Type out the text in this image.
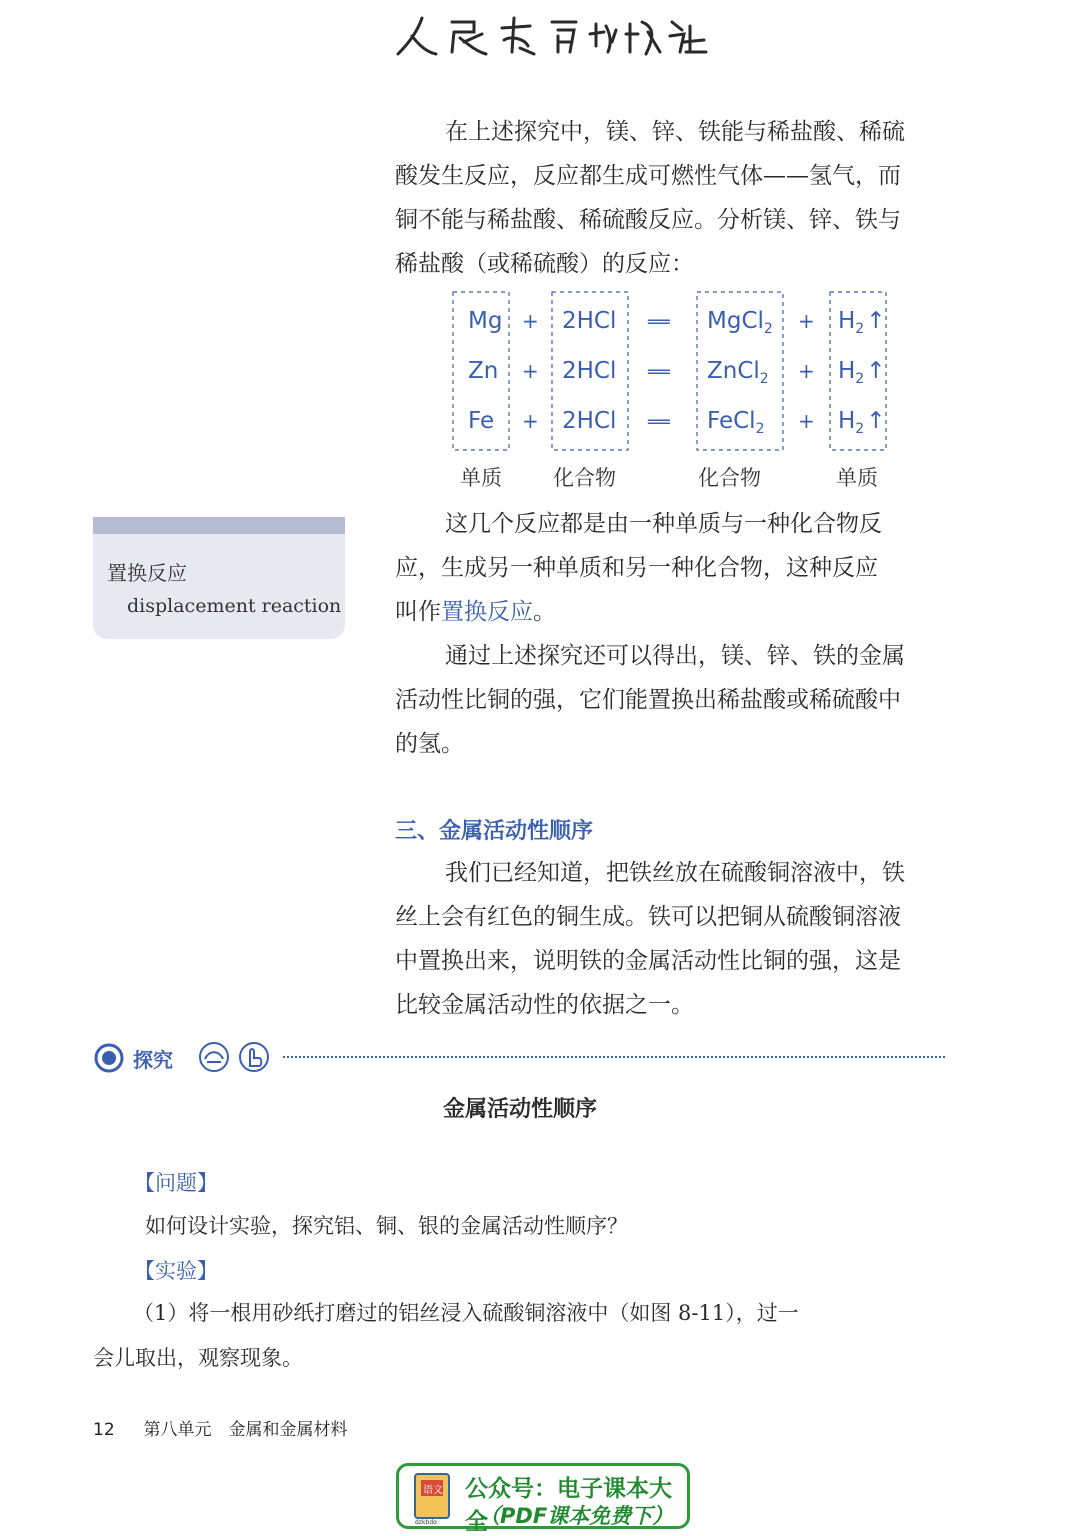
在上述探究中，镁、锌、铁能与稀盐酸、稀硫
酸发生反应，反应都生成可燃性气体——氢气，而
铜不能与稀盐酸、稀硫酸反应。分析镁、锌、铁与
稀盐酸（或稀硫酸）的反应：
Mg + 2HCl ══ MgCl$_2$ + $H_2↑$
Zn + 2HCl ══ ZnCl$_2$ + $H_2↑$
Fe + 2HCl ══ FeCl$_2$ + $H_2↑$
单质 化合物	化合物	单质
置换反应
displacement reaction
这几个反应都是由一种单质与一种化合物反
应，生成另一种单质和另一种化合物，这种反应
叫作置换反应。
通过上述探究还可以得出，镁、锌、铁的金属
活动性比铜的强，它们能置换出稀盐酸或稀硫酸中
的氢。
三、金属活动性顺序
我们已经知道，把铁丝放在硫酸铜溶液中，铁
丝上会有红色的铜生成。铁可以把铜从硫酸铜溶液
中置换出来，说明铁的金属活动性比铜的强，这是
比较金属活动性的依据之一。
探究
金属活动性顺序
【问题】
如何设计实验，探究铝、铜、银的金属活动性顺序？
【实验】
（1）将一根用砂纸打磨过的铝丝浸入硫酸铜溶液中（如图 8-11），过一
会儿取出，观察现象。
12 第八单元　金属和金属材料
语文
dzkbdq
公众号：电子课本大全
（PDF课本免费下）
